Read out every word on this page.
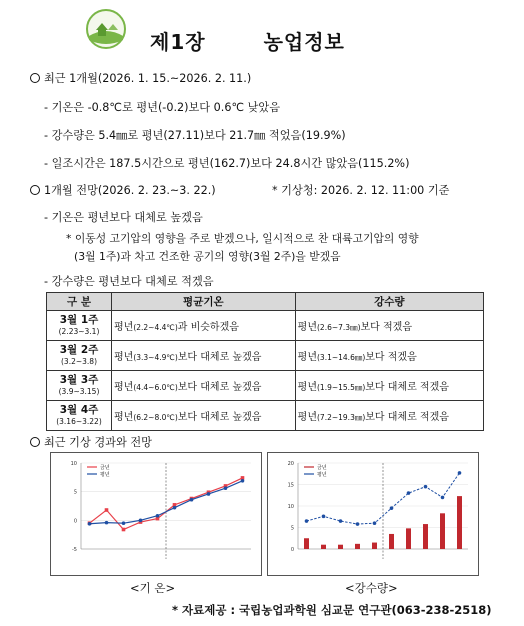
제1장	농업정보
최근 1개월(2026. 1. 15.~2026. 2. 11.)
- 기온은 -0.8℃로 평년(-0.2)보다 0.6℃ 낮았음
- 강수량은 5.4㎜로 평년(27.11)보다 21.7㎜ 적었음(19.9%)
- 일조시간은 187.5시간으로 평년(162.7)보다 24.8시간 많았음(115.2%)
1개월 전망(2026. 2. 23.~3. 22.)	* 기상청: 2026. 2. 12. 11:00 기준
- 기온은 평년보다 대체로 높겠음
* 이동성 고기압의 영향을 주로 받겠으나, 일시적으로 찬 대륙고기압의 영향
(3월 1주)과 차고 건조한 공기의 영향(3월 2주)을 받겠음
- 강수량은 평년보다 대체로 적겠음
구 분	평균기온	강수량

3월 1주
(2.23~3.1)	평년(2.2~4.4℃)과 비슷하겠음	평년(2.6~7.3㎜)보다 적겠음

3월 2주
(3.2~3.8)	평년(3.3~4.9℃)보다 대체로 높겠음	평년(3.1~14.6㎜)보다 적겠음

3월 3주
(3.9~3.15)	평년(4.4~6.0℃)보다 대체로 높겠음	평년(1.9~15.5㎜)보다 대체로 적겠음

3월 4주
(3.16~3.22)	평년(6.2~8.0℃)보다 대체로 높겠음	평년(7.2~19.3㎜)보다 대체로 적겠음
최근 기상 경과와 전망
-5
0
5
10
금년
평년
<기 온>
0
5
10
15
20
금년
평년
<강수량>
* 자료제공 : 국립농업과학원 심교문 연구관(063-238-2518)
